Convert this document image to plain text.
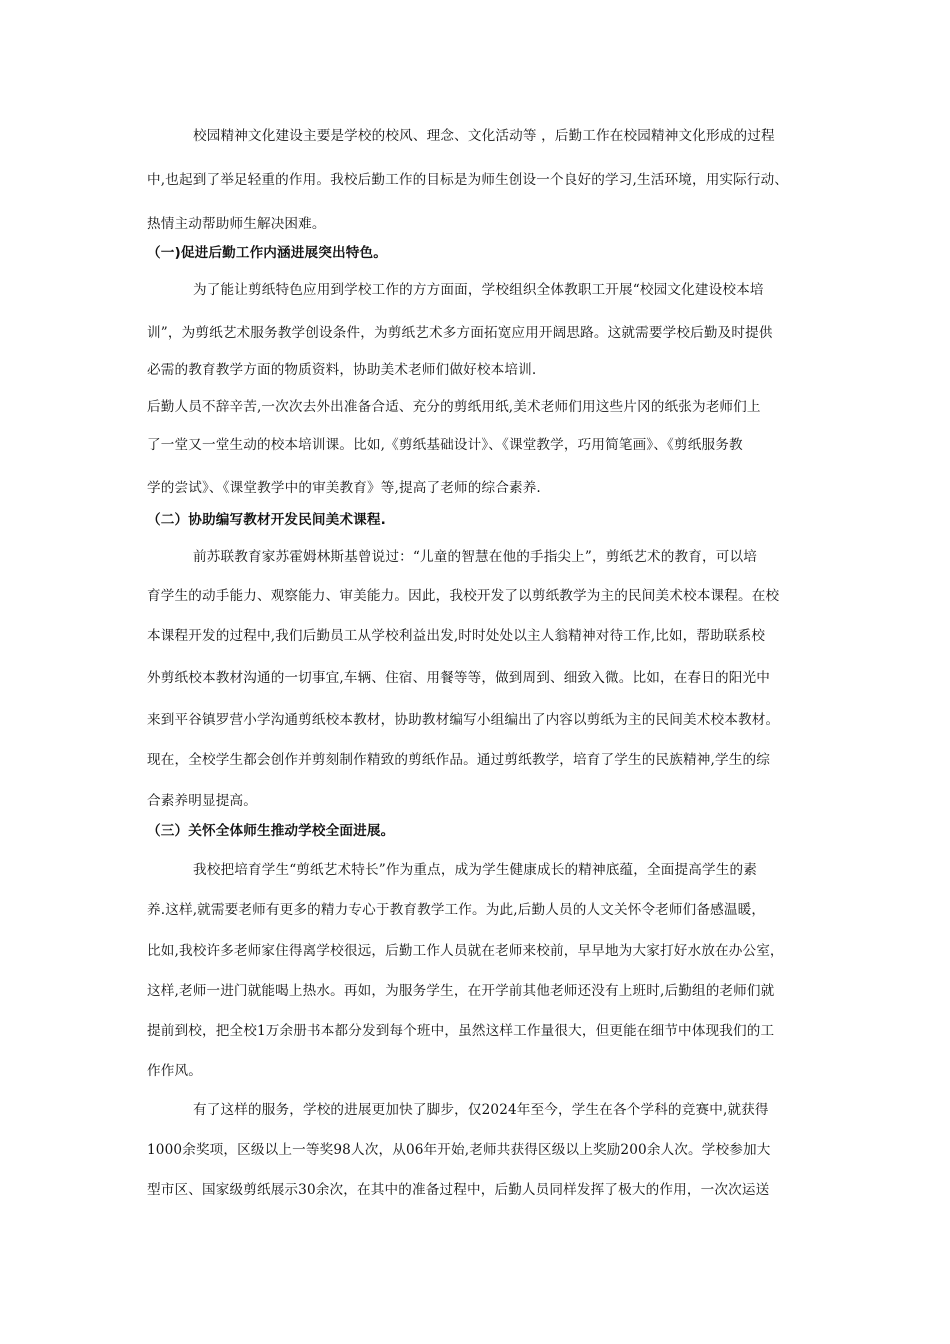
校园精神文化建设主要是学校的校风、理念、文化活动等 ，后勤工作在校园精神文化形成的过程
中,也起到了举足轻重的作用。我校后勤工作的目标是为师生创设一个良好的学习,生活环境，用实际行动、
热情主动帮助师生解决困难。
（一)促进后勤工作内涵进展突出特色。
为了能让剪纸特色应用到学校工作的方方面面，学校组织全体教职工开展“校园文化建设校本培
训”，为剪纸艺术服务教学创设条件，为剪纸艺术多方面拓宽应用开阔思路。这就需要学校后勤及时提供
必需的教育教学方面的物质资料，协助美术老师们做好校本培训.
后勤人员不辞辛苦,一次次去外出准备合适、充分的剪纸用纸,美术老师们用这些片冈的纸张为老师们上
了一堂又一堂生动的校本培训课。比如,《剪纸基础设计》、《课堂教学，巧用简笔画》、《剪纸服务教
学的尝试》、《课堂教学中的审美教育》等,提高了老师的综合素养.
（二）协助编写教材开发民间美术课程.
前苏联教育家苏霍姆林斯基曾说过：“儿童的智慧在他的手指尖上”，剪纸艺术的教育，可以培
育学生的动手能力、观察能力、审美能力。因此，我校开发了以剪纸教学为主的民间美术校本课程。在校
本课程开发的过程中,我们后勤员工从学校利益出发,时时处处以主人翁精神对待工作,比如，帮助联系校
外剪纸校本教材沟通的一切事宜,车辆、住宿、用餐等等，做到周到、细致入微。比如，在春日的阳光中
来到平谷镇罗营小学沟通剪纸校本教材，协助教材编写小组编出了内容以剪纸为主的民间美术校本教材。
现在，全校学生都会创作并剪刻制作精致的剪纸作品。通过剪纸教学，培育了学生的民族精神,学生的综
合素养明显提高。
（三）关怀全体师生推动学校全面进展。
我校把培育学生“剪纸艺术特长”作为重点，成为学生健康成长的精神底蕴，全面提高学生的素
养.这样,就需要老师有更多的精力专心于教育教学工作。为此,后勤人员的人文关怀令老师们备感温暖，
比如,我校许多老师家住得离学校很远，后勤工作人员就在老师来校前，早早地为大家打好水放在办公室，
这样,老师一进门就能喝上热水。再如，为服务学生，在开学前其他老师还没有上班时,后勤组的老师们就
提前到校，把全校1万余册书本都分发到每个班中，虽然这样工作量很大，但更能在细节中体现我们的工
作作风。
有了这样的服务，学校的进展更加快了脚步，仅2024年至今，学生在各个学科的竞赛中,就获得
1000余奖项，区级以上一等奖98人次，从06年开始,老师共获得区级以上奖励200余人次。学校参加大
型市区、国家级剪纸展示30余次，在其中的准备过程中，后勤人员同样发挥了极大的作用，一次次运送
